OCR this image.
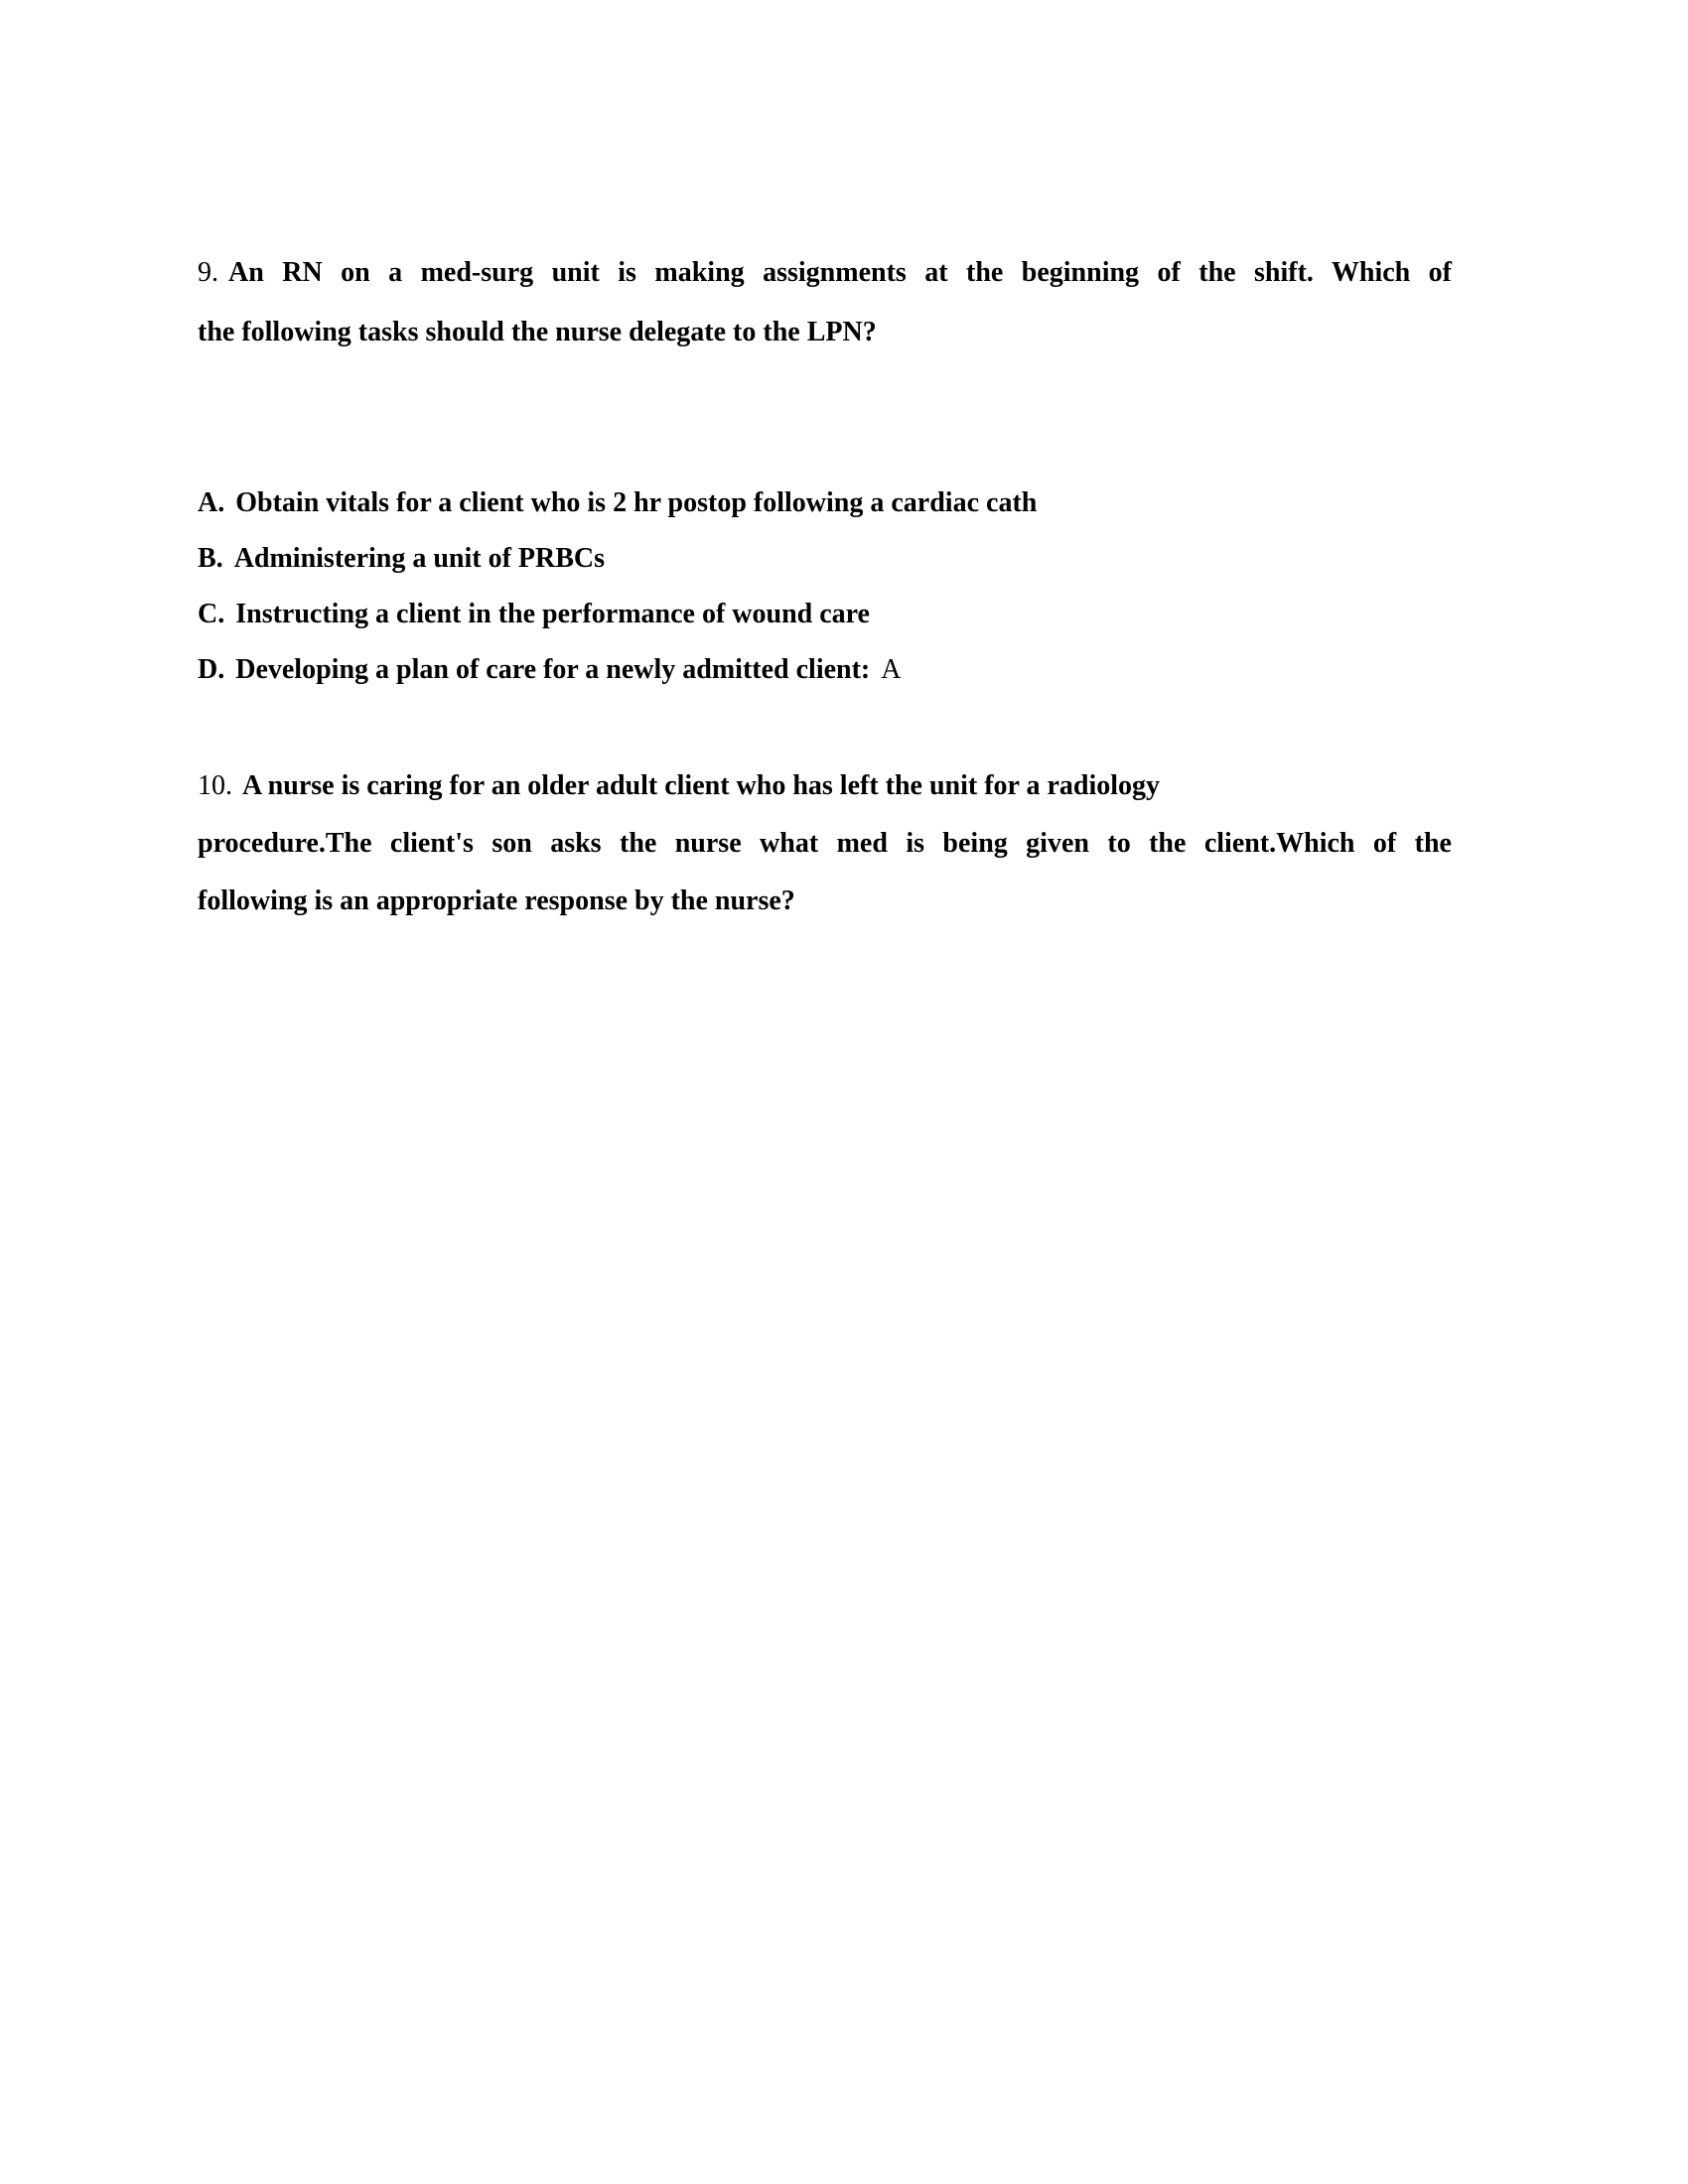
9. An RN on a med-surg unit is making assignments at the beginning of the shift. Which of
the following tasks should the nurse delegate to the LPN?
A. Obtain vitals for a client who is 2 hr postop following a cardiac cath
B. Administering a unit of PRBCs
C. Instructing a client in the performance of wound care
D. Developing a plan of care for a newly admitted client: A
10. A nurse is caring for an older adult client who has left the unit for a radiology
procedure.The client's son asks the nurse what med is being given to the client.Which of the
following is an appropriate response by the nurse?
